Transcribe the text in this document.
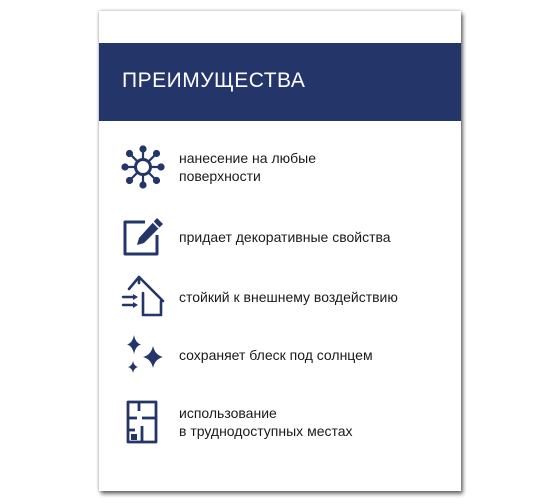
ПРЕИМУЩЕСТВА
нанесение на любые
поверхности
придает декоративные свойства
стойкий к внешнему воздействию
сохраняет блеск под солнцем
использование
в труднодоступных местах
